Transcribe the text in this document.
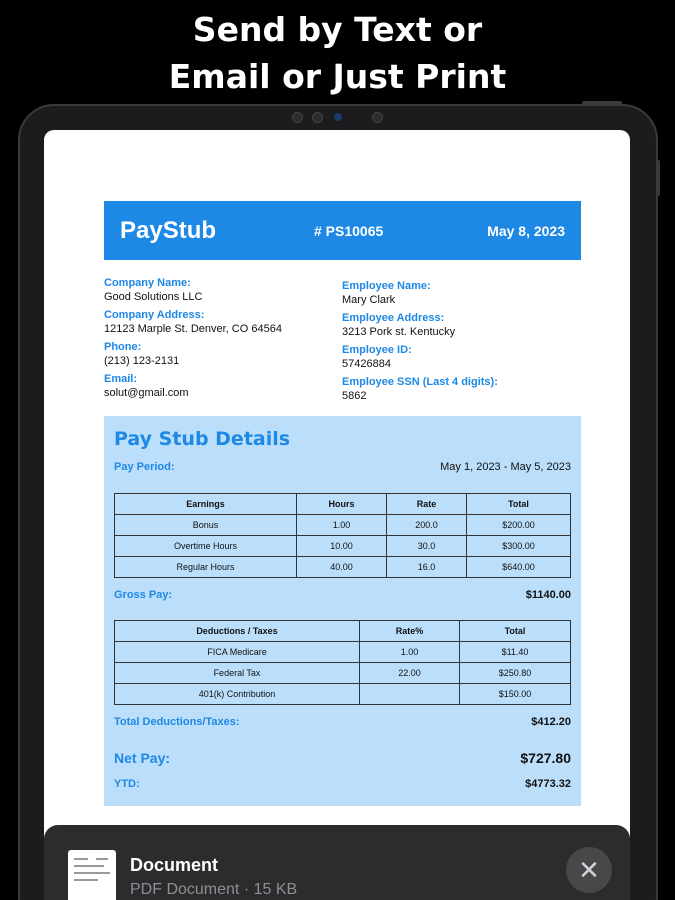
Send by Text or
Email or Just Print
PayStub	# PS10065	May 8, 2023
Company Name:
Good Solutions LLC
Company Address:
12123 Marple St. Denver, CO 64564
Phone:
(213) 123-2131
Email:
solut@gmail.com
Employee Name:
Mary Clark
Employee Address:
3213 Pork st. Kentucky
Employee ID:
57426884
Employee SSN (Last 4 digits):
5862
Pay Stub Details
Pay Period:	May 1, 2023 - May 5, 2023
Earnings	Hours	Rate	Total
Bonus	1.00	200.0	$200.00
Overtime Hours	10.00	30.0	$300.00
Regular Hours	40.00	16.0	$640.00
Gross Pay:	$1140.00
Deductions / Taxes	Rate%	Total
FICA Medicare	1.00	$11.40
Federal Tax	22.00	$250.80
401(k) Contribution		$150.00
Total Deductions/Taxes:	$412.20
Net Pay:	$727.80
YTD:	$4773.32
Document
PDF Document · 15 KB
✕
